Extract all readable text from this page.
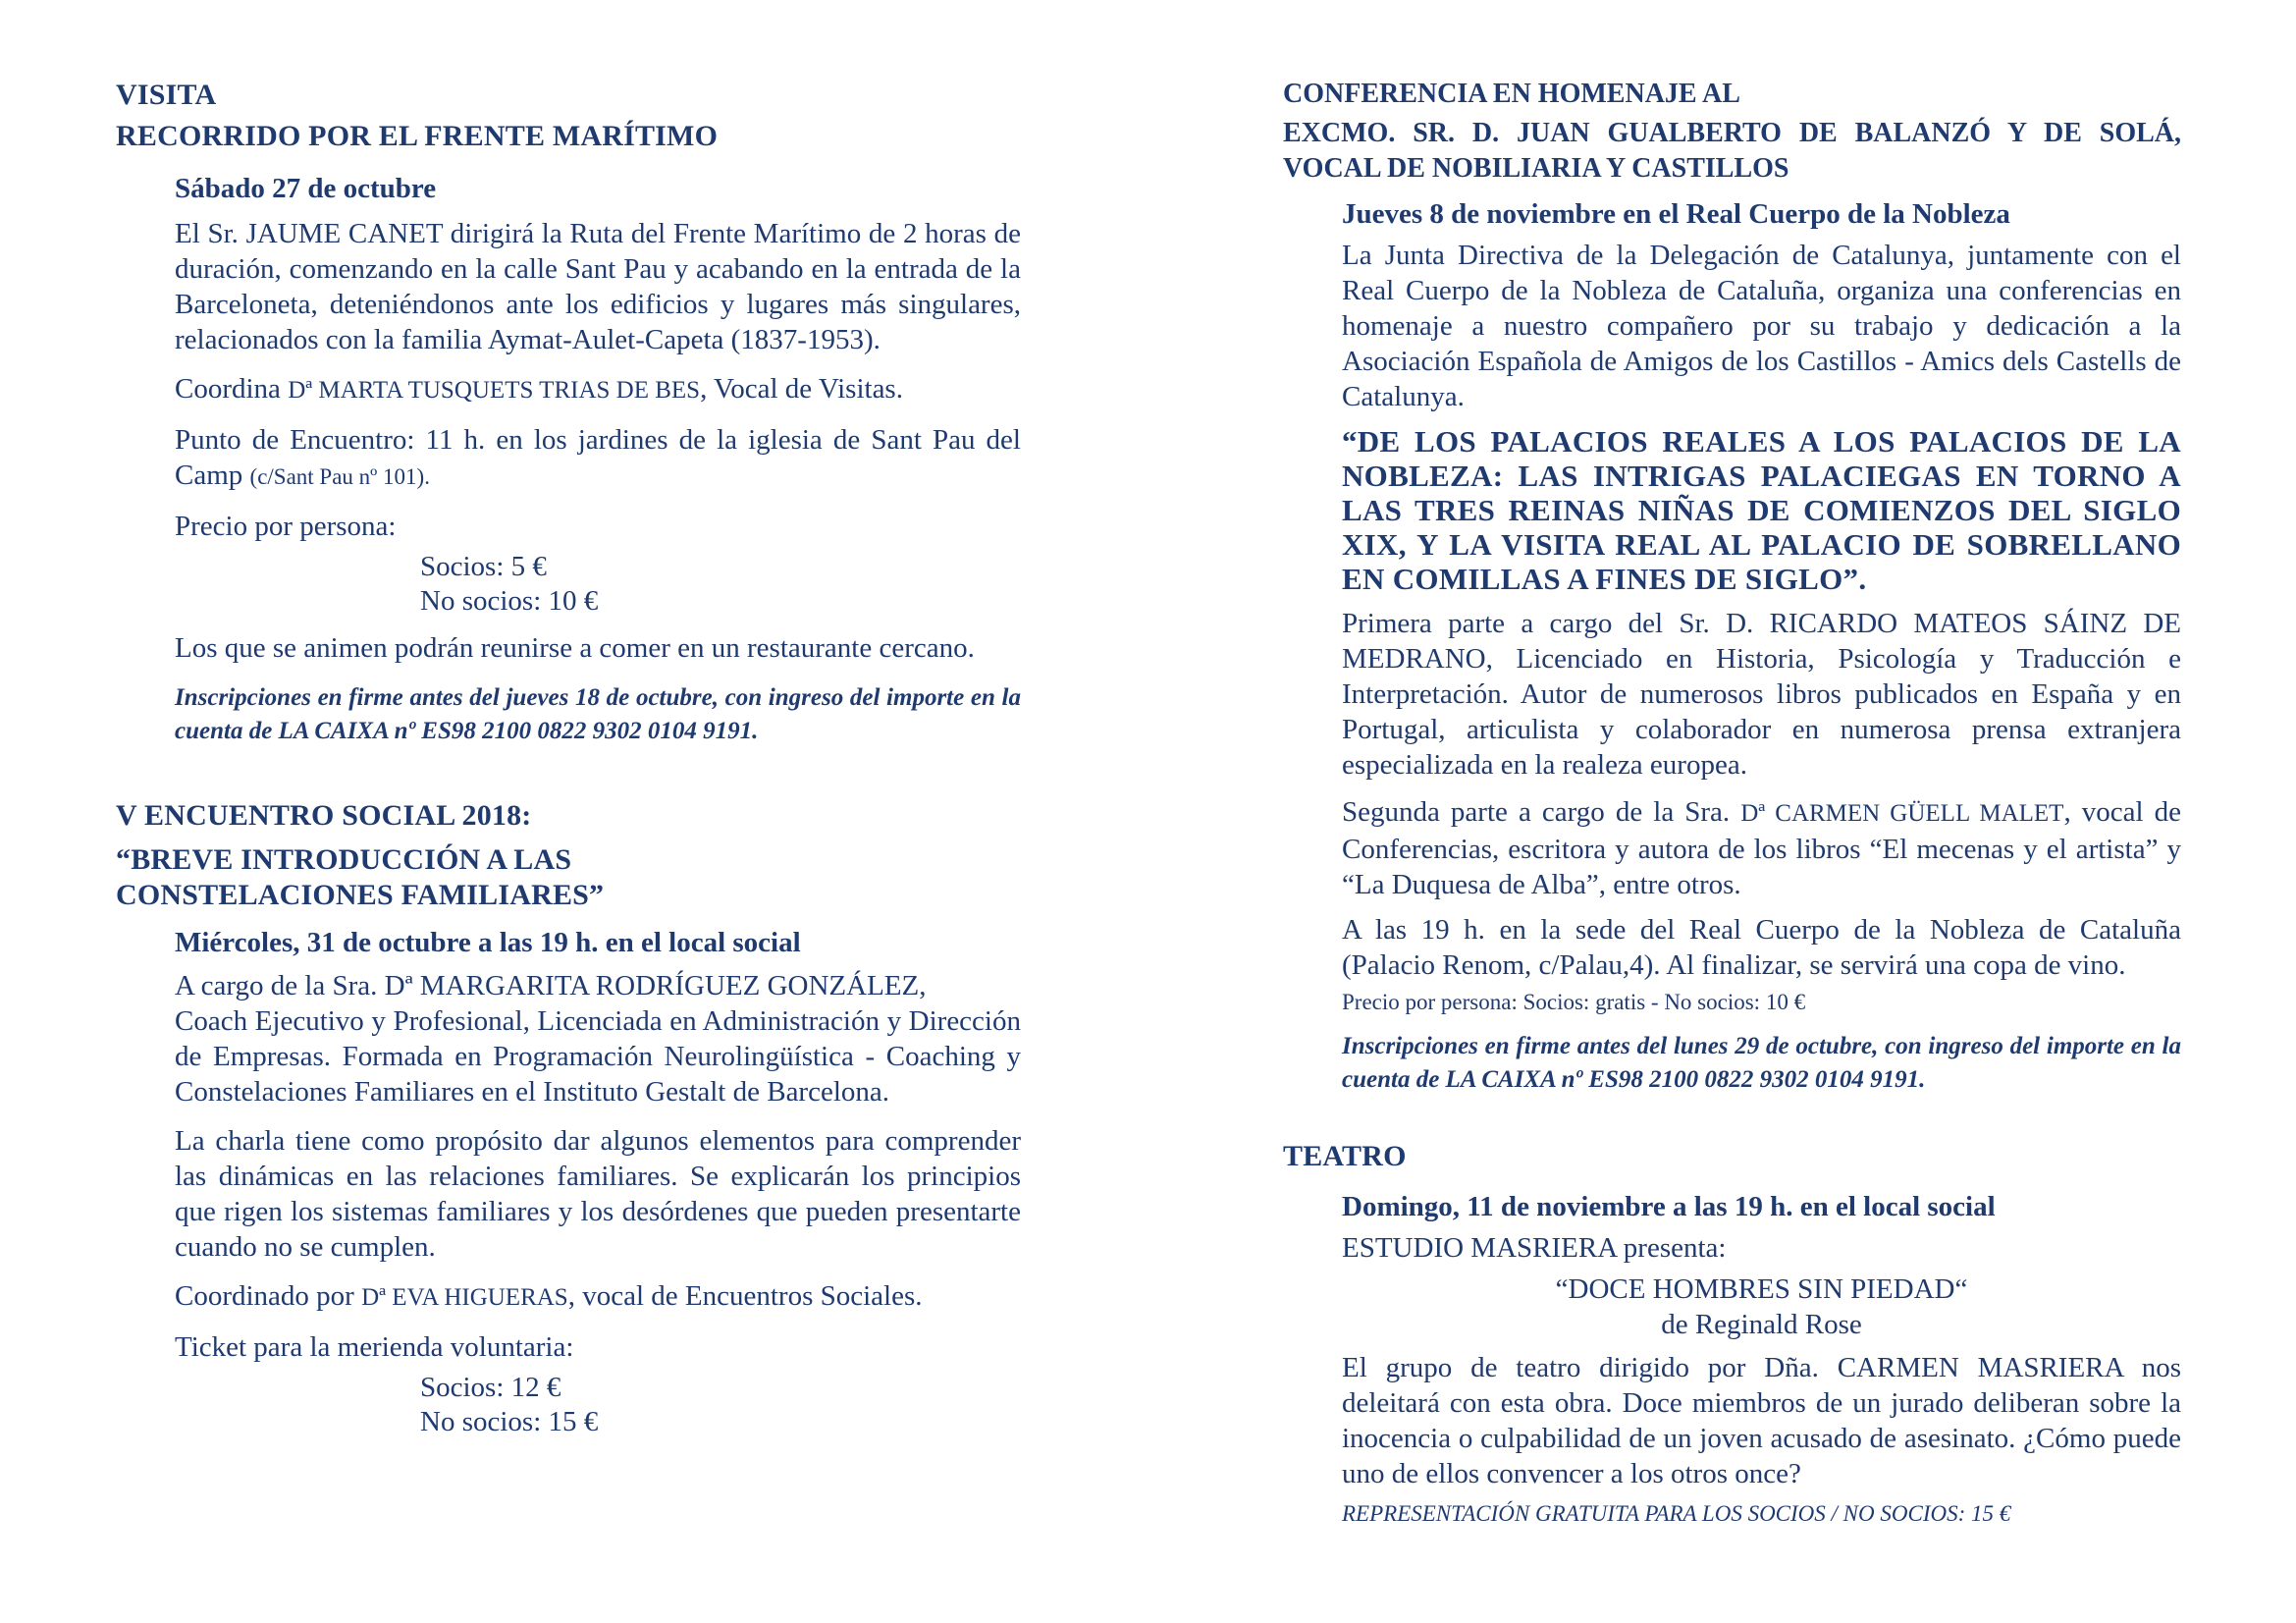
VISITA
RECORRIDO POR EL FRENTE MARÍTIMO

Sábado 27 de octubre

El Sr. JAUME CANET dirigirá la Ruta del Frente Marítimo de 2 horas de duración, comenzando en la calle Sant Pau y acabando en la entrada de la Barceloneta, deteniéndonos ante los edificios y lugares más singulares, relacionados con la familia Aymat-Aulet-Capeta (1837-1953).

Coordina Dª MARTA TUSQUETS TRIAS DE BES, Vocal de Visitas.

Punto de Encuentro: 11 h. en los jardines de la iglesia de Sant Pau del Camp (c/Sant Pau nº 101).

Precio por persona:

Socios: 5 €
No socios: 10 €

Los que se animen podrán reunirse a comer en un restaurante cercano.

Inscripciones en firme antes del jueves 18 de octubre, con ingreso del importe en la cuenta de LA CAIXA nº ES98 2100 0822 9302 0104 9191.

V ENCUENTRO SOCIAL 2018:
“BREVE INTRODUCCIÓN A LAS
CONSTELACIONES FAMILIARES”

Miércoles, 31 de octubre a las 19 h. en el local social

A cargo de la Sra. Dª MARGARITA RODRÍGUEZ GONZÁLEZ,

Coach Ejecutivo y Profesional, Licenciada en Administración y Dirección de Empresas. Formada en Programación Neurolingüística - Coaching y Constelaciones Familiares en el Instituto Gestalt de Barcelona.

La charla tiene como propósito dar algunos elementos para comprender las dinámicas en las relaciones familiares. Se explicarán los principios que rigen los sistemas familiares y los desórdenes que pueden presentarte cuando no se cumplen.

Coordinado por Dª EVA HIGUERAS, vocal de Encuentros Sociales.

Ticket para la merienda voluntaria:

Socios: 12 €
No socios: 15 €
CONFERENCIA EN HOMENAJE AL
EXCMO. SR. D. JUAN GUALBERTO DE BALANZÓ Y DE SOLÁ, VOCAL DE NOBILIARIA Y CASTILLOS

Jueves 8 de noviembre en el Real Cuerpo de la Nobleza

La Junta Directiva de la Delegación de Catalunya, juntamente con el Real Cuerpo de la Nobleza de Cataluña, organiza una conferencias en homenaje a nuestro compañero por su trabajo y dedicación a la Asociación Española de Amigos de los Castillos - Amics dels Castells de Catalunya.

“DE LOS PALACIOS REALES A LOS PALACIOS DE LA NOBLEZA: LAS INTRIGAS PALACIEGAS EN TORNO A LAS TRES REINAS NIÑAS DE COMIENZOS DEL SIGLO XIX, Y LA VISITA REAL AL PALACIO DE SOBRELLANO EN COMILLAS A FINES DE SIGLO”.

Primera parte a cargo del Sr. D. RICARDO MATEOS SÁINZ DE MEDRANO, Licenciado en Historia, Psicología y Traducción e Interpretación. Autor de numerosos libros publicados en España y en Portugal, articulista y colaborador en numerosa prensa extranjera especializada en la realeza europea.

Segunda parte a cargo de la Sra. Dª CARMEN GÜELL MALET, vocal de Conferencias, escritora y autora de los libros “El mecenas y el artista” y “La Duquesa de Alba”, entre otros.

A las 19 h. en la sede del Real Cuerpo de la Nobleza de Cataluña (Palacio Renom, c/Palau,4). Al finalizar, se servirá una copa de vino.

Precio por persona: Socios: gratis - No socios: 10 €

Inscripciones en firme antes del lunes 29 de octubre, con ingreso del importe en la cuenta de LA CAIXA nº ES98 2100 0822 9302 0104 9191.

TEATRO

Domingo, 11 de noviembre a las 19 h. en el local social

ESTUDIO MASRIERA presenta:

“DOCE HOMBRES SIN PIEDAD“

de Reginald Rose

El grupo de teatro dirigido por Dña. CARMEN MASRIERA nos deleitará con esta obra. Doce miembros de un jurado deliberan sobre la inocencia o culpabilidad de un joven acusado de asesinato. ¿Cómo puede uno de ellos convencer a los otros once?

REPRESENTACIÓN GRATUITA PARA LOS SOCIOS / NO SOCIOS: 15 €
